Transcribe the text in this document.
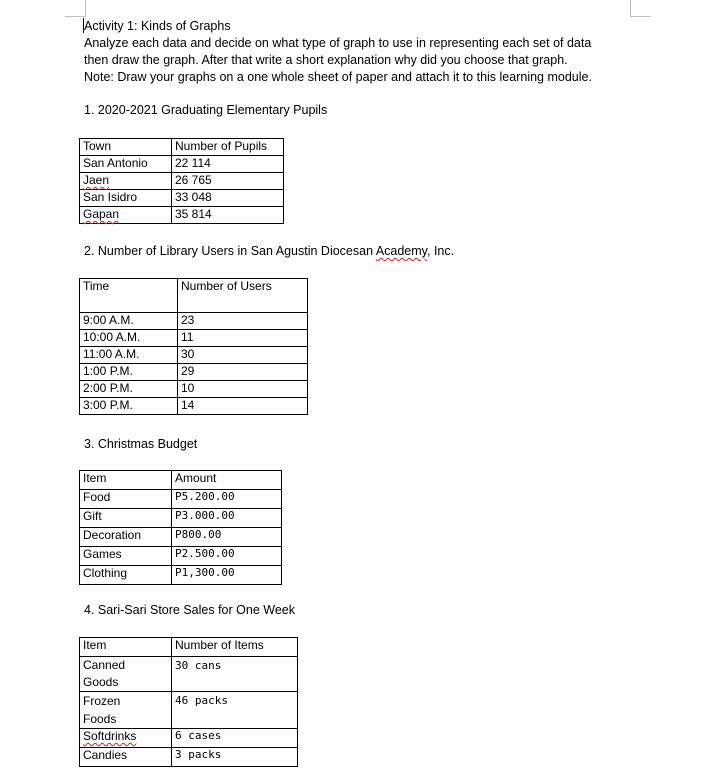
Activity 1: Kinds of Graphs
Analyze each data and decide on what type of graph to use in representing each set of data
then draw the graph. After that write a short explanation why did you choose that graph.
Note: Draw your graphs on a one whole sheet of paper and attach it to this learning module.
1. 2020-2021 Graduating Elementary Pupils
Town	Number of Pupils
San Antonio	22 114
Jaen	26 765
San Isidro	33 048
Gapan	35 814
2. Number of Library Users in San Agustin Diocesan Academy, Inc.
Time	Number of Users
9:00 A.M.	23
10:00 A.M.	11
11:00 A.M.	30
1:00 P.M.	29
2:00 P.M.	10
3:00 P.M.	14
3. Christmas Budget
Item	Amount
Food	P5.200.00
Gift	P3.000.00
Decoration	P800.00
Games	P2.500.00
Clothing	P1,300.00
4. Sari-Sari Store Sales for One Week
Item	Number of Items

Canned
Goods	30 cans

Frozen
Foods	46 packs
Softdrinks	6 cases
Candies	3 packs
